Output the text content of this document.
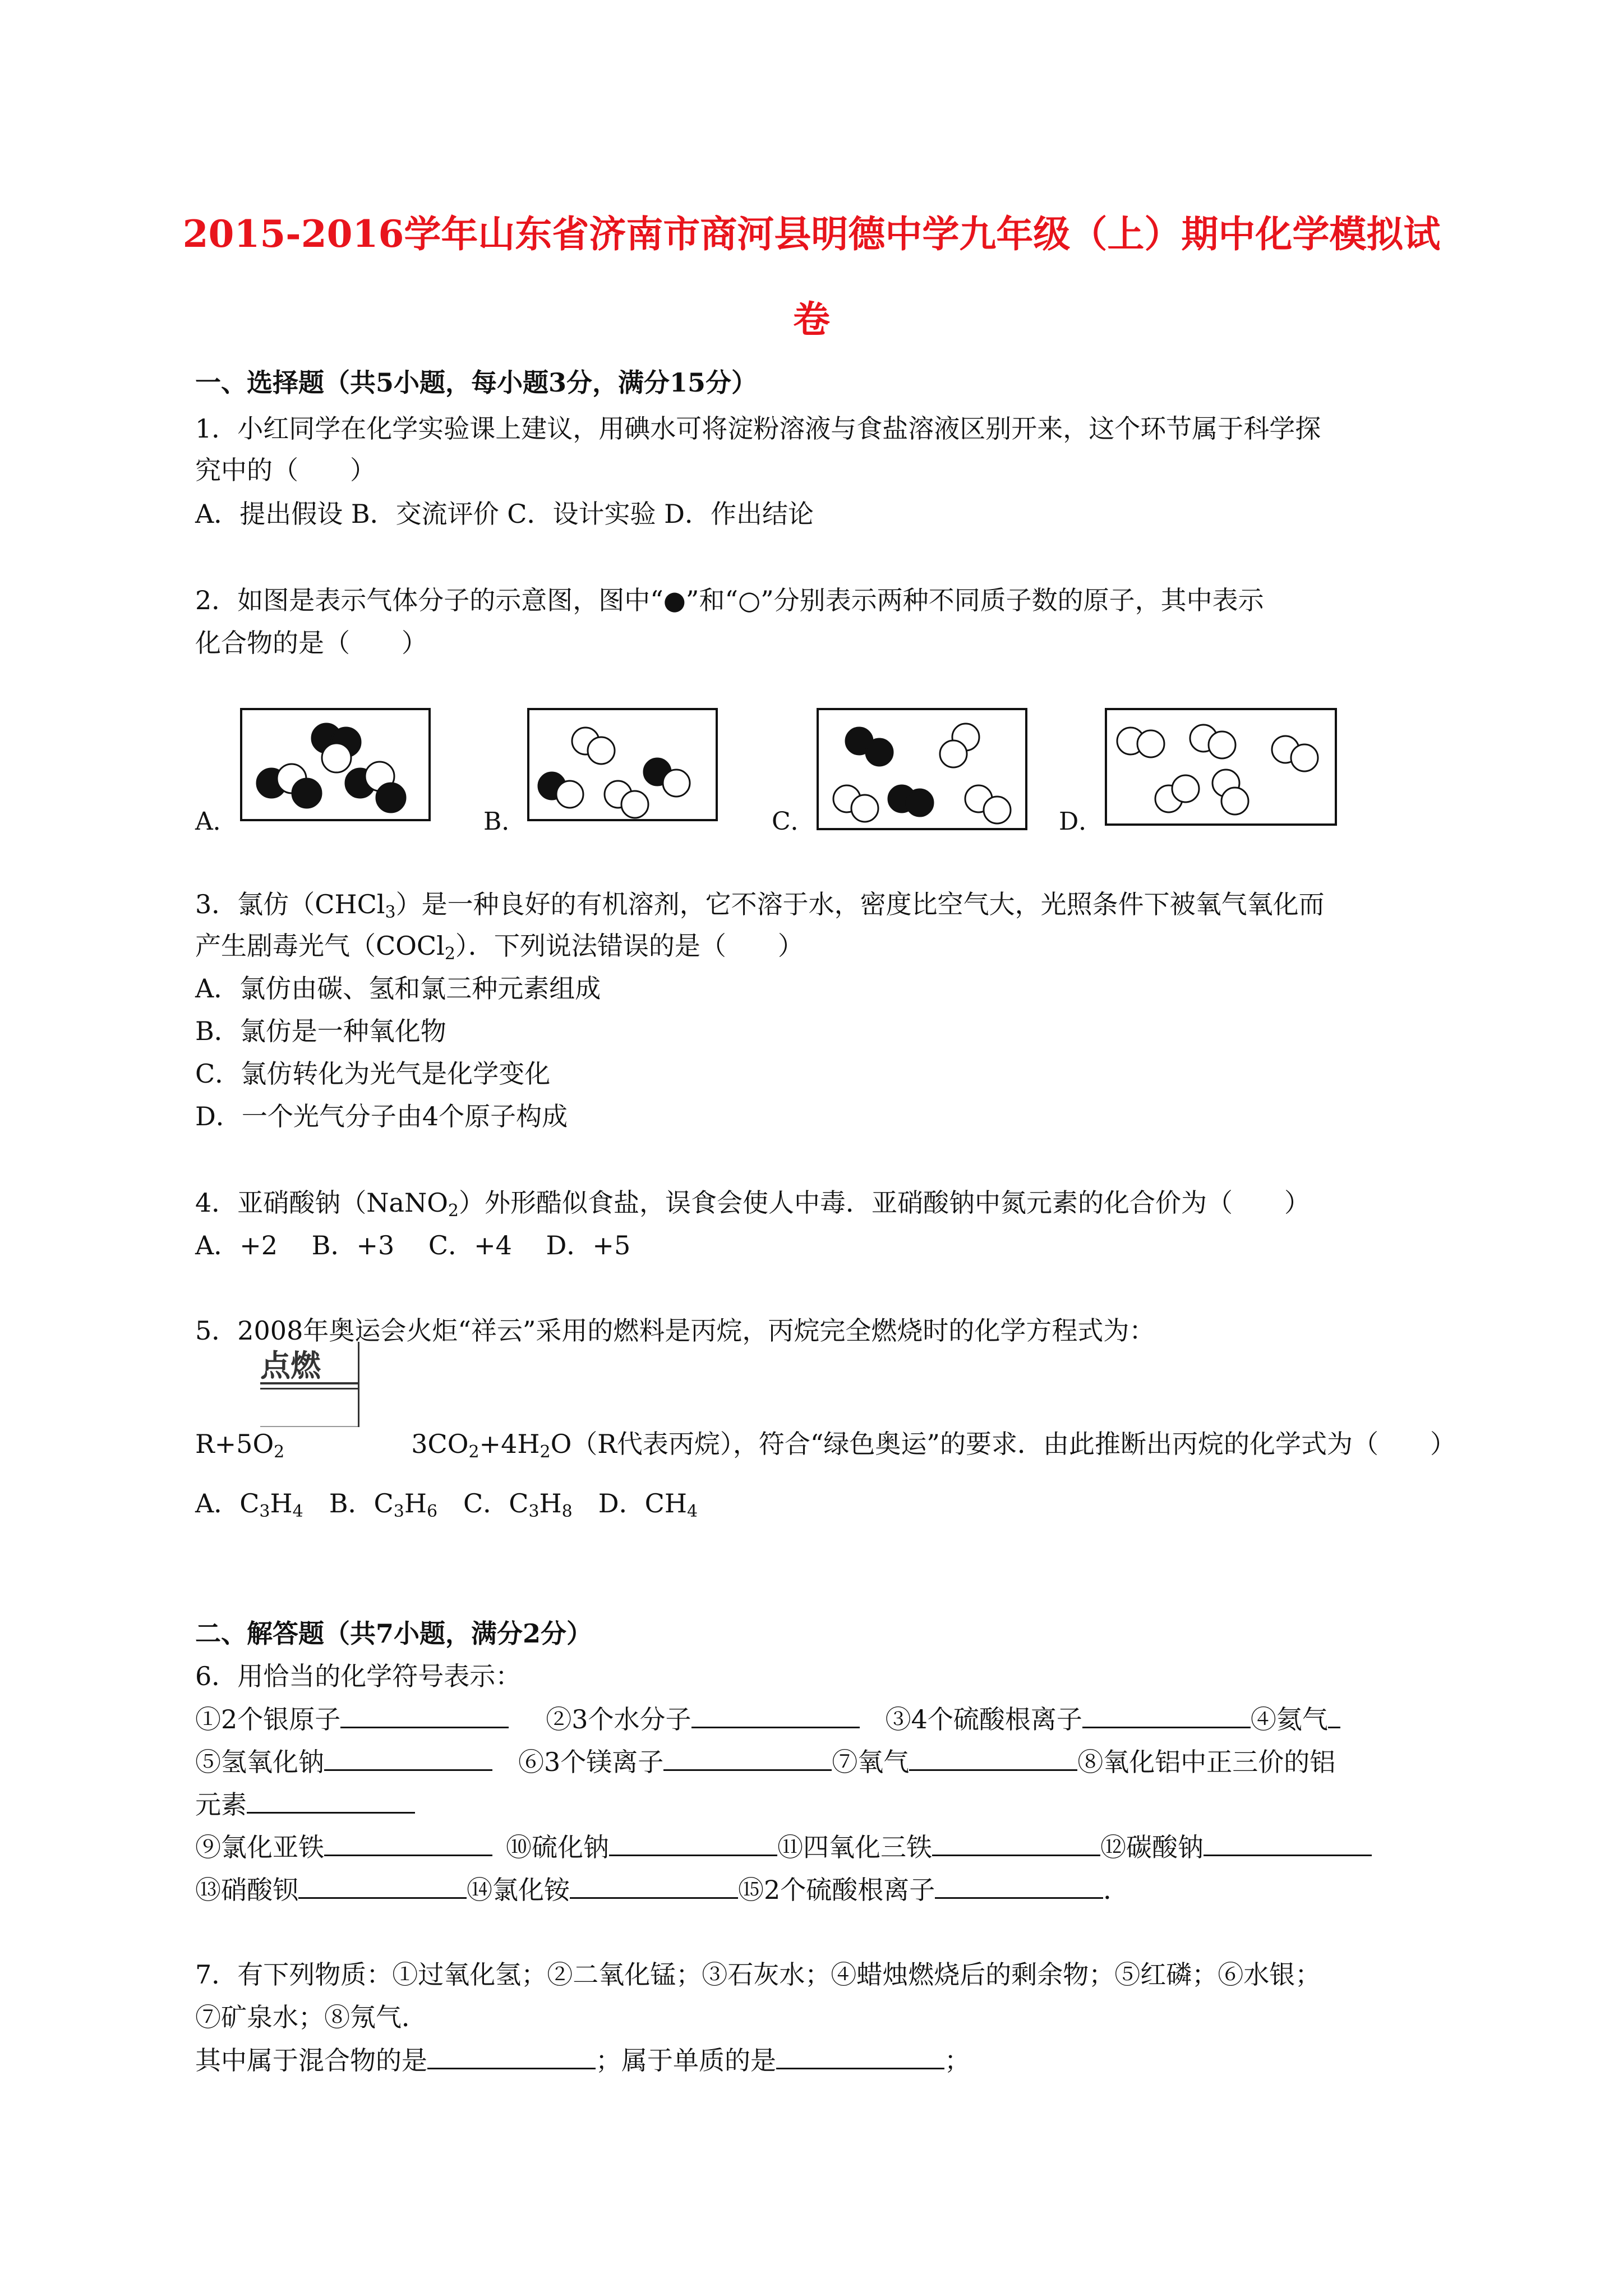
2015-2016学年山东省济南市商河县明德中学九年级（上）期中化学模拟试
卷
一、选择题（共5小题，每小题3分，满分15分）
1．小红同学在化学实验课上建议，用碘水可将淀粉溶液与食盐溶液区别开来，这个环节属于科学探
究中的（　　）
A．提出假设 B．交流评价 C．设计实验 D．作出结论
2．如图是表示气体分子的示意图，图中“●”和“○”分别表示两种不同质子数的原子，其中表示
化合物的是（　　）
A．	B．	C．	D．
3．氯仿（CHCl$_3$）是一种良好的有机溶剂，它不溶于水，密度比空气大，光照条件下被氧气氧化而
产生剧毒光气（COCl$_2$）．下列说法错误的是（　　）
A．氯仿由碳、氢和氯三种元素组成
B．氯仿是一种氧化物
C．氯仿转化为光气是化学变化
D．一个光气分子由4个原子构成
4．亚硝酸钠（NaNO$_2$）外形酷似食盐，误食会使人中毒．亚硝酸钠中氮元素的化合价为（　　）
A．+2　 B．+3　 C．+4　 D．+5
5．2008年奥运会火炬“祥云”采用的燃料是丙烷，丙烷完全燃烧时的化学方程式为：
点燃
$R+5O_2$	$3CO_2+4H_2O(R$代表丙烷），符合“绿色奥运”的要求．由此推断出丙烷的化学式为（　　）
A．$C_3H_4$　B．$C_3H_6$　C．$C_3H_8$　D．$CH_4$
二、解答题（共7小题，满分2分）
6．用恰当的化学符号表示：
①2个银原子	②3个水分子	③4个硫酸根离子	④氦气
⑤氢氧化钠	⑥3个镁离子	⑦氧气	⑧氧化铝中正三价的铝
元素
⑨氯化亚铁	⑩硫化钠	⑪四氧化三铁	⑫碳酸钠
⑬硝酸钡	⑭氯化铵	⑮2个硫酸根离子	．
7．有下列物质：①过氧化氢；②二氧化锰；③石灰水；④蜡烛燃烧后的剩余物；⑤红磷；⑥水银；
⑦矿泉水；⑧氖气．
其中属于混合物的是	；属于单质的是	；
